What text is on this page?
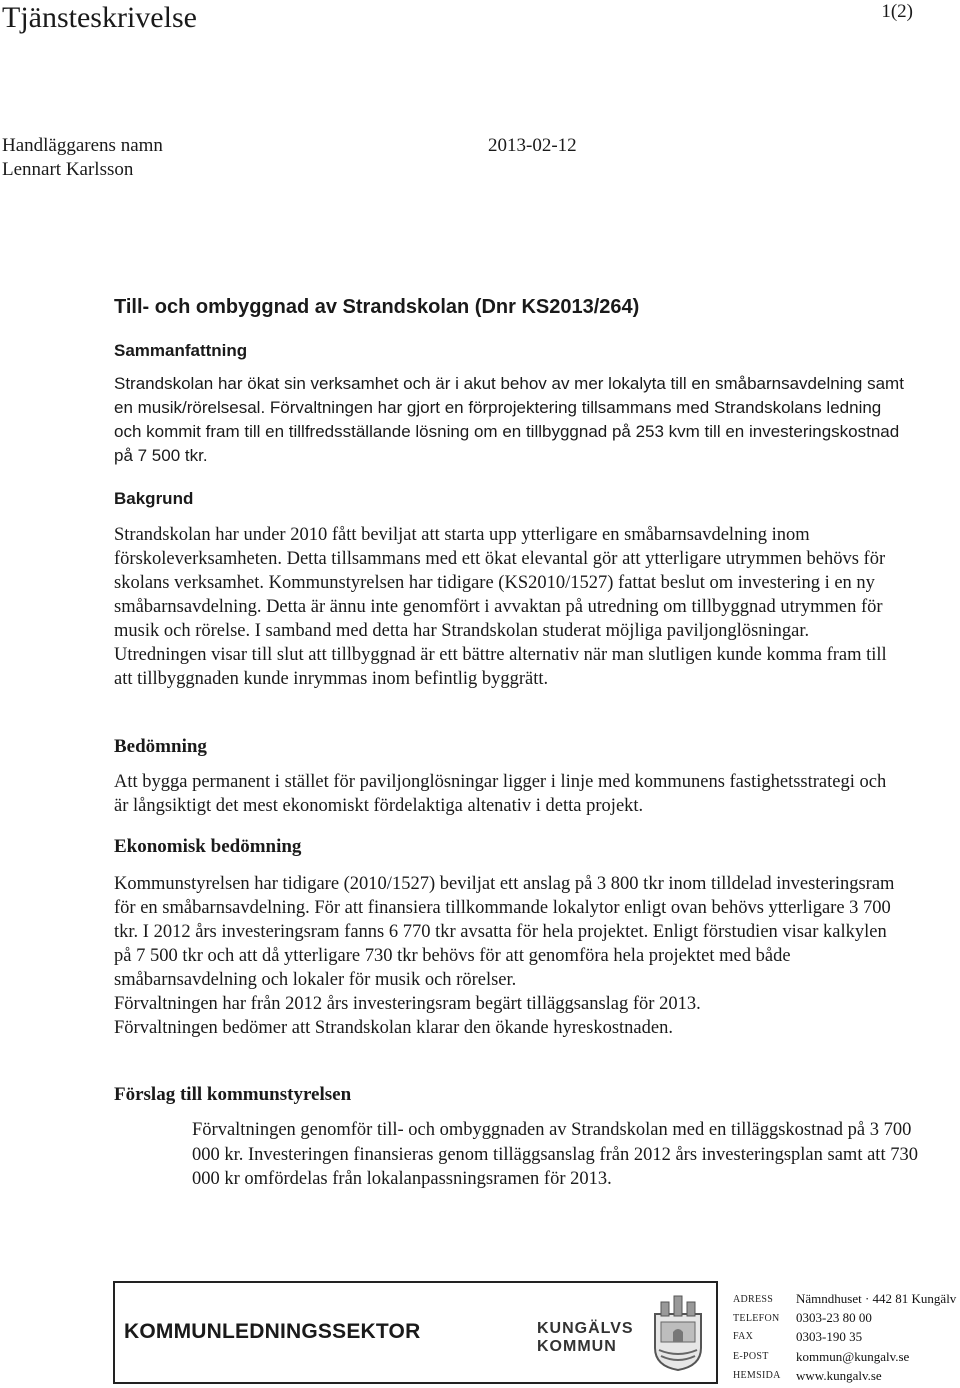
Tjänsteskrivelse	1(2)
Handläggarens namn	2013-02-12
Lennart Karlsson
Till- och ombyggnad av Strandskolan (Dnr KS2013/264)
Sammanfattning

Strandskolan har ökat sin verksamhet och är i akut behov av mer lokalyta till en småbarnsavdelning samt en musik/rörelsesal. Förvaltningen har gjort en förprojektering tillsammans med Strandskolans ledning och kommit fram till en tillfredsställande lösning om en tillbyggnad på 253 kvm till en investeringskostnad på 7 500 tkr.

Bakgrund

Strandskolan har under 2010 fått beviljat att starta upp ytterligare en småbarnsavdelning inom förskoleverksamheten. Detta tillsammans med ett ökat elevantal gör att ytterligare utrymmen behövs för skolans verksamhet. Kommunstyrelsen har tidigare (KS2010/1527) fattat beslut om investering i en ny småbarnsavdelning. Detta är ännu inte genomfört i avvaktan på utredning om tillbyggnad utrymmen för musik och rörelse. I samband med detta har Strandskolan studerat möjliga paviljonglösningar. Utredningen visar till slut att tillbyggnad är ett bättre alternativ när man slutligen kunde komma fram till att tillbyggnaden kunde inrymmas inom befintlig byggrätt.

Bedömning

Att bygga permanent i stället för paviljonglösningar ligger i linje med kommunens fastighetsstrategi och är långsiktigt det mest ekonomiskt fördelaktiga altenativ i detta projekt.

Ekonomisk bedömning

Kommunstyrelsen har tidigare (2010/1527) beviljat ett anslag på 3 800 tkr inom tilldelad investeringsram för en småbarnsavdelning. För att finansiera tillkommande lokalytor enligt ovan behövs ytterligare 3 700 tkr. I 2012 års investeringsram fanns 6 770 tkr avsatta för hela projektet. Enligt förstudien visar kalkylen på 7 500 tkr och att då ytterligare 730 tkr behövs för att genomföra hela projektet med både småbarnsavdelning och lokaler för musik och rörelser.

Förvaltningen har från 2012 års investeringsram begärt tilläggsanslag för 2013.

Förvaltningen bedömer att Strandskolan klarar den ökande hyreskostnaden.

Förslag till kommunstyrelsen

Förvaltningen genomför till- och ombyggnaden av Strandskolan med en tilläggskostnad på 3 700 000 kr. Investeringen finansieras genom tilläggsanslag från 2012 års investeringsplan samt att 730 000 kr omfördelas från lokalanpassningsramen för 2013.

KOMMUNLEDNINGSSEKTOR	KUNGÄLVS
KOMMUN
ADRESS Nämndhuset · 442 81 Kungälv
TELEFON 0303-23 80 00
FAX	0303-190 35
E-POST kommun@kungalv.se
HEMSIDA www.kungalv.se
